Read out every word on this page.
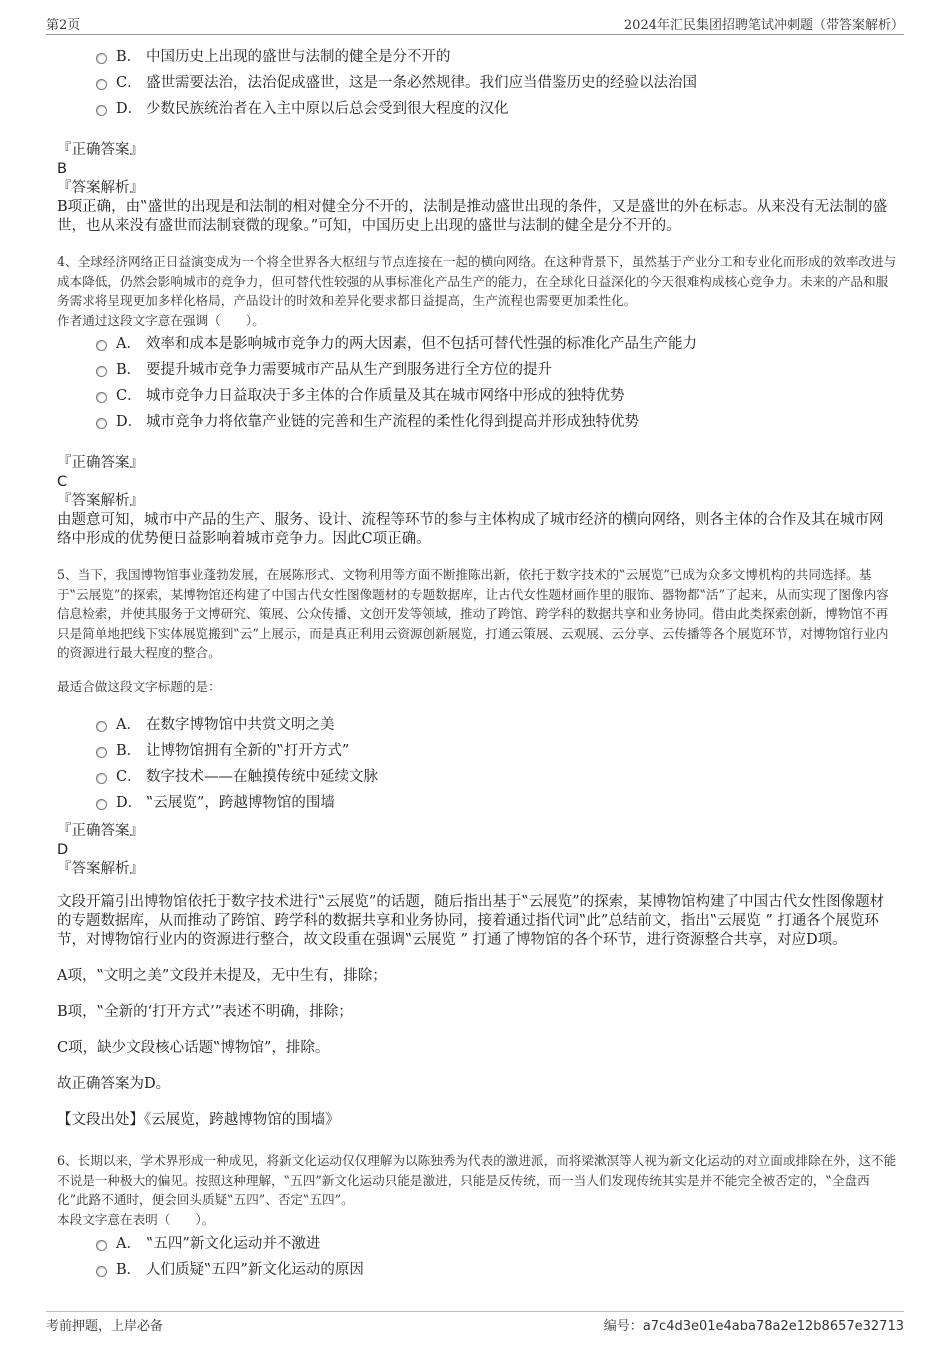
第2页	2024年汇民集团招聘笔试冲刺题（带答案解析）
B． 中国历史上出现的盛世与法制的健全是分不开的
C． 盛世需要法治，法治促成盛世，这是一条必然规律。我们应当借鉴历史的经验以法治国
D． 少数民族统治者在入主中原以后总会受到很大程度的汉化

『正确答案』

B

『答案解析』

B项正确，由‟盛世的出现是和法制的相对健全分不开的，法制是推动盛世出现的条件，又是盛世的外在标志。从来没有无法制的盛世，也从来没有盛世而法制衰微的现象。”可知，中国历史上出现的盛世与法制的健全是分不开的。

4、全球经济网络正日益演变成为一个将全世界各大枢纽与节点连接在一起的横向网络。在这种背景下，虽然基于产业分工和专业化而形成的效率改进与成本降低，仍然会影响城市的竞争力，但可替代性较强的从事标准化产品生产的能力，在全球化日益深化的今天很难构成核心竞争力。未来的产品和服务需求将呈现更加多样化格局，产品设计的时效和差异化要求都日益提高，生产流程也需要更加柔性化。

作者通过这段文字意在强调（　　）。

A． 效率和成本是影响城市竞争力的两大因素，但不包括可替代性强的标准化产品生产能力
B． 要提升城市竞争力需要城市产品从生产到服务进行全方位的提升
C． 城市竞争力日益取决于多主体的合作质量及其在城市网络中形成的独特优势
D． 城市竞争力将依靠产业链的完善和生产流程的柔性化得到提高并形成独特优势

『正确答案』

C

『答案解析』

由题意可知，城市中产品的生产、服务、设计、流程等环节的参与主体构成了城市经济的横向网络，则各主体的合作及其在城市网络中形成的优势便日益影响着城市竞争力。因此C项正确。

5、当下，我国博物馆事业蓬勃发展，在展陈形式、文物利用等方面不断推陈出新，依托于数字技术的‟云展览”已成为众多文博机构的共同选择。基于‟云展览”的探索，某博物馆还构建了中国古代女性图像题材的专题数据库，让古代女性题材画作里的服饰、器物都‟活”了起来，从而实现了图像内容信息检索，并使其服务于文博研究、策展、公众传播、文创开发等领域，推动了跨馆、跨学科的数据共享和业务协同。借由此类探索创新，博物馆不再只是简单地把线下实体展览搬到‟云”上展示，而是真正利用云资源创新展览，打通云策展、云观展、云分享、云传播等各个展览环节，对博物馆行业内的资源进行最大程度的整合。

最适合做这段文字标题的是：

A． 在数字博物馆中共赏文明之美
B． 让博物馆拥有全新的‟打开方式”
C． 数字技术——在触摸传统中延续文脉
D． ‟云展览”，跨越博物馆的围墙

『正确答案』

D

『答案解析』

文段开篇引出博物馆依托于数字技术进行‟云展览”的话题，随后指出基于‟云展览”的探索，某博物馆构建了中国古代女性图像题材的专题数据库，从而推动了跨馆、跨学科的数据共享和业务协同，接着通过指代词‟此”总结前文，指出‟云展览 ” 打通各个展览环节，对博物馆行业内的资源进行整合，故文段重在强调‟云展览 ” 打通了博物馆的各个环节，进行资源整合共享，对应D项。

A项，‟文明之美”文段并未提及，无中生有，排除；

B项，‟全新的‘打开方式’”表述不明确，排除；

C项，缺少文段核心话题‟博物馆”，排除。

故正确答案为D。

【文段出处】《云展览，跨越博物馆的围墙》

6、长期以来，学术界形成一种成见，将新文化运动仅仅理解为以陈独秀为代表的激进派，而将梁漱溟等人视为新文化运动的对立面或排除在外，这不能不说是一种极大的偏见。按照这种理解，‟五四”新文化运动只能是激进，只能是反传统，而一当人们发现传统其实是并不能完全被否定的，‟全盘西化”此路不通时，便会回头质疑‟五四”、否定‟五四”。

本段文字意在表明（　　）。

A． ‟五四”新文化运动并不激进
B． 人们质疑‟五四”新文化运动的原因
考前押题，上岸必备	编号：a7c4d3e01e4aba78a2e12b8657e32713
